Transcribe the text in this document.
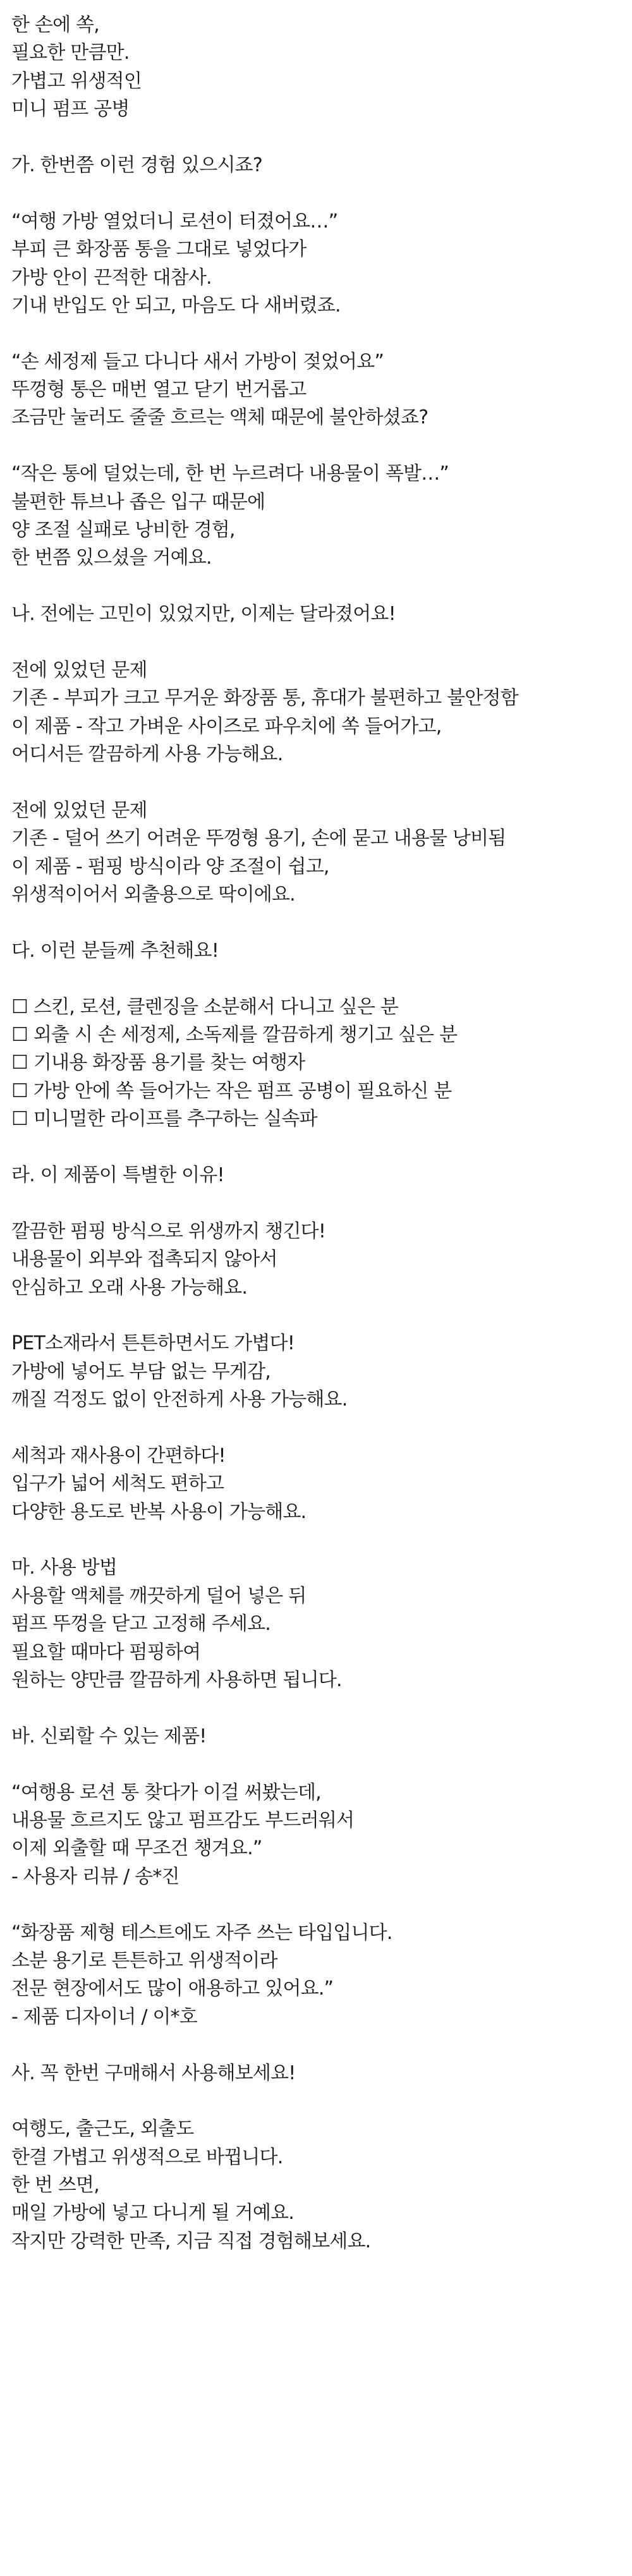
한 손에 쏙,
필요한 만큼만.
가볍고 위생적인
미니 펌프 공병
가. 한번쯤 이런 경험 있으시죠?
“여행 가방 열었더니 로션이 터졌어요…”
부피 큰 화장품 통을 그대로 넣었다가
가방 안이 끈적한 대참사.
기내 반입도 안 되고, 마음도 다 새버렸죠.
“손 세정제 들고 다니다 새서 가방이 젖었어요”
뚜껑형 통은 매번 열고 닫기 번거롭고
조금만 눌러도 줄줄 흐르는 액체 때문에 불안하셨죠?
“작은 통에 덜었는데, 한 번 누르려다 내용물이 폭발…”
불편한 튜브나 좁은 입구 때문에
양 조절 실패로 낭비한 경험,
한 번쯤 있으셨을 거예요.
나. 전에는 고민이 있었지만, 이제는 달라졌어요!
전에 있었던 문제
기존 - 부피가 크고 무거운 화장품 통, 휴대가 불편하고 불안정함
이 제품 - 작고 가벼운 사이즈로 파우치에 쏙 들어가고,
어디서든 깔끔하게 사용 가능해요.
전에 있었던 문제
기존 - 덜어 쓰기 어려운 뚜껑형 용기, 손에 묻고 내용물 낭비됨
이 제품 - 펌핑 방식이라 양 조절이 쉽고,
위생적이어서 외출용으로 딱이에요.
다. 이런 분들께 추천해요!
☐ 스킨, 로션, 클렌징을 소분해서 다니고 싶은 분
☐ 외출 시 손 세정제, 소독제를 깔끔하게 챙기고 싶은 분
☐ 기내용 화장품 용기를 찾는 여행자
☐ 가방 안에 쏙 들어가는 작은 펌프 공병이 필요하신 분
☐ 미니멀한 라이프를 추구하는 실속파
라. 이 제품이 특별한 이유!
깔끔한 펌핑 방식으로 위생까지 챙긴다!
내용물이 외부와 접촉되지 않아서
안심하고 오래 사용 가능해요.
PET소재라서 튼튼하면서도 가볍다!
가방에 넣어도 부담 없는 무게감,
깨질 걱정도 없이 안전하게 사용 가능해요.
세척과 재사용이 간편하다!
입구가 넓어 세척도 편하고
다양한 용도로 반복 사용이 가능해요.
마. 사용 방법
사용할 액체를 깨끗하게 덜어 넣은 뒤
펌프 뚜껑을 닫고 고정해 주세요.
필요할 때마다 펌핑하여
원하는 양만큼 깔끔하게 사용하면 됩니다.
바. 신뢰할 수 있는 제품!
“여행용 로션 통 찾다가 이걸 써봤는데,
내용물 흐르지도 않고 펌프감도 부드러워서
이제 외출할 때 무조건 챙겨요.”
- 사용자 리뷰 / 송*진
“화장품 제형 테스트에도 자주 쓰는 타입입니다.
소분 용기로 튼튼하고 위생적이라
전문 현장에서도 많이 애용하고 있어요.”
- 제품 디자이너 / 이*호
사. 꼭 한번 구매해서 사용해보세요!
여행도, 출근도, 외출도
한결 가볍고 위생적으로 바뀝니다.
한 번 쓰면,
매일 가방에 넣고 다니게 될 거예요.
작지만 강력한 만족, 지금 직접 경험해보세요.
